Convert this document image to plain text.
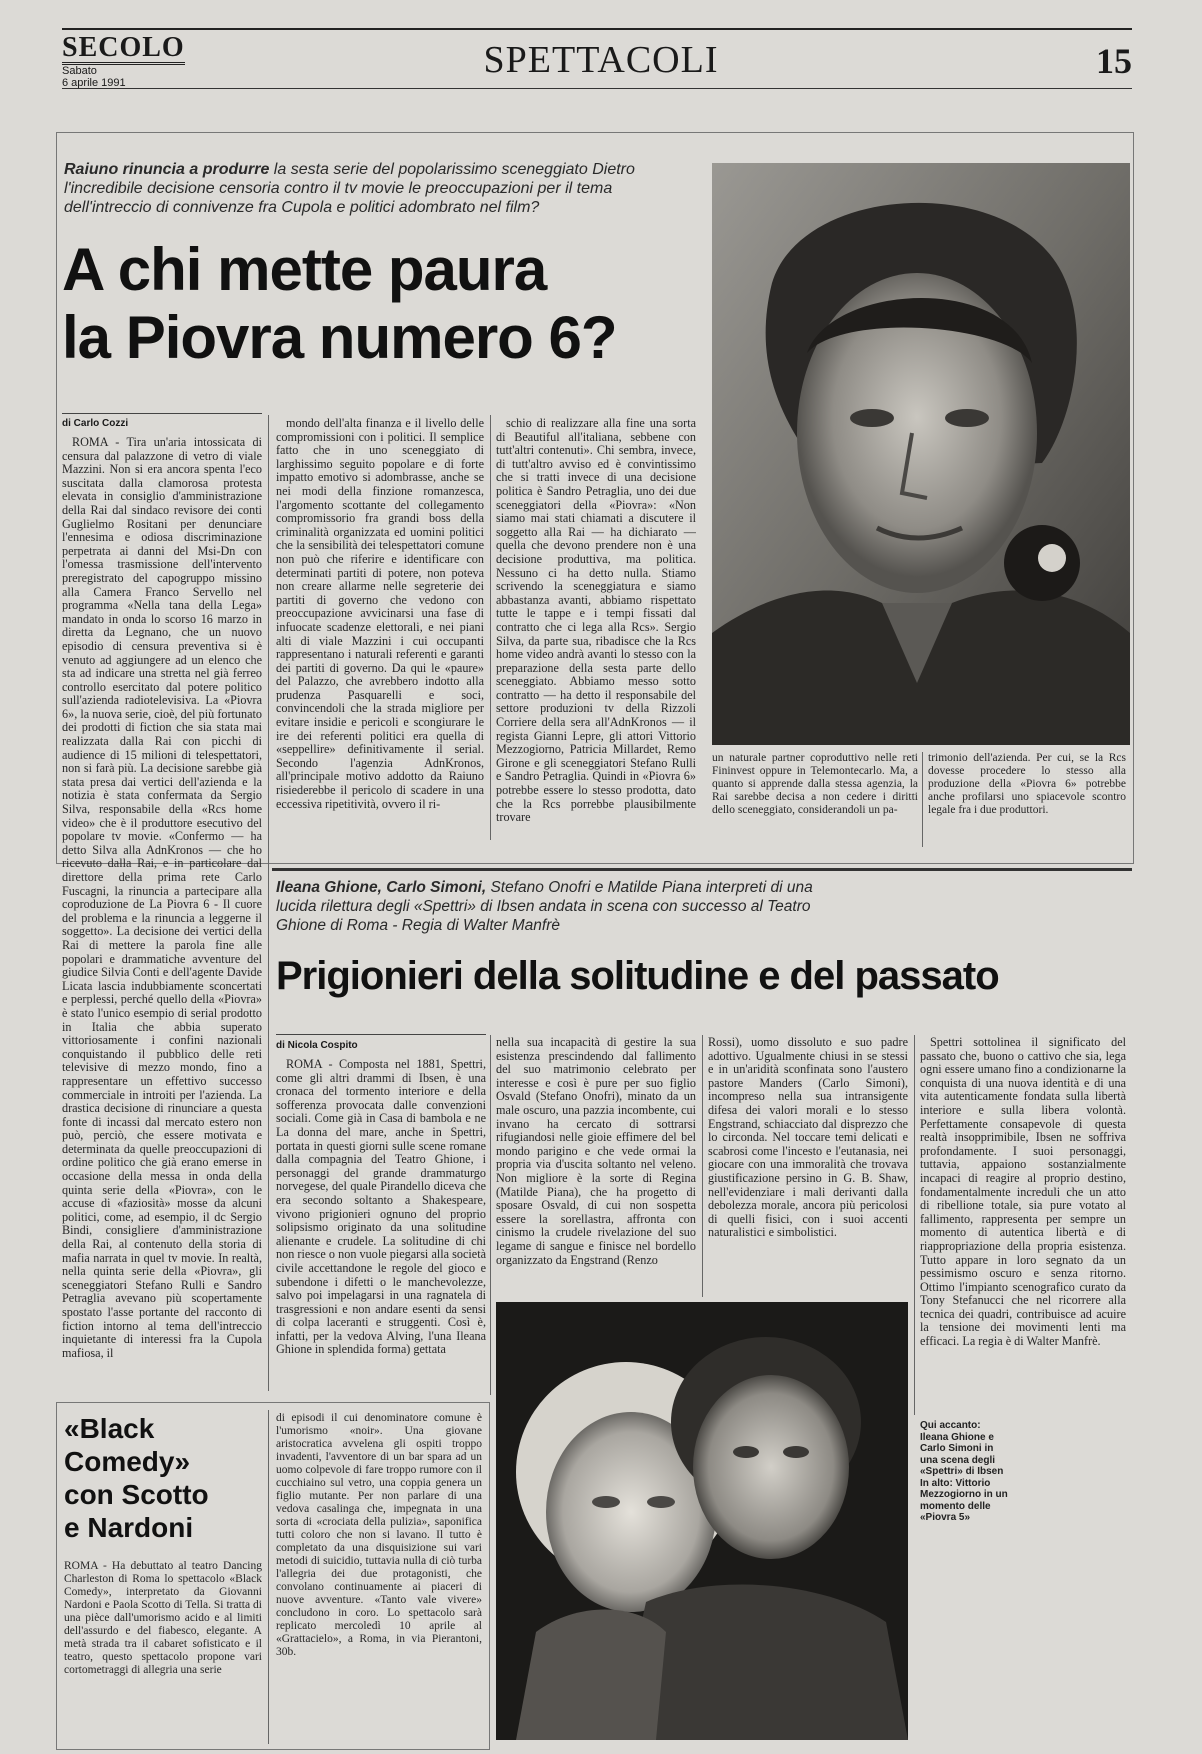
SECOLO
Sabato
6 aprile 1991
SPETTACOLI	15
Raiuno rinuncia a produrre la sesta serie del popolarissimo sceneggiato Dietro l'incredibile decisione censoria contro il tv movie le preoccupazioni per il tema dell'intreccio di connivenze fra Cupola e politici adombrato nel film?
A chi mette paura
la Piovra numero 6?
di Carlo Cozzi

ROMA - Tira un'aria intossicata di censura dal palazzone di vetro di viale Mazzini. Non si era ancora spenta l'eco suscitata dalla clamorosa protesta elevata in consiglio d'amministrazione della Rai dal sindaco revisore dei conti Guglielmo Rositani per denunciare l'ennesima e odiosa discriminazione perpetrata ai danni del Msi-Dn con l'omessa trasmissione dell'intervento preregistrato del capogruppo missino alla Camera Franco Servello nel programma «Nella tana della Lega» mandato in onda lo scorso 16 marzo in diretta da Legnano, che un nuovo episodio di censura preventiva si è venuto ad aggiungere ad un elenco che sta ad indicare una stretta nel già ferreo controllo esercitato dal potere politico sull'azienda radiotelevisiva. La «Piovra 6», la nuova serie, cioè, del più fortunato dei prodotti di fiction che sia stata mai realizzata dalla Rai con picchi di audience di 15 milioni di telespettatori, non si farà più. La decisione sarebbe già stata presa dai vertici dell'azienda e la notizia è stata confermata da Sergio Silva, responsabile della «Rcs home video» che è il produttore esecutivo del popolare tv movie. «Confermo — ha detto Silva alla AdnKronos — che ho ricevuto dalla Rai, e in particolare dal direttore della prima rete Carlo Fuscagni, la rinuncia a partecipare alla coproduzione de La Piovra 6 - Il cuore del problema e la rinuncia a leggerne il soggetto». La decisione dei vertici della Rai di mettere la parola fine alle popolari e drammatiche avventure del giudice Silvia Conti e dell'agente Davide Licata lascia indubbiamente sconcertati e perplessi, perché quello della «Piovra» è stato l'unico esempio di serial prodotto in Italia che abbia superato vittoriosamente i confini nazionali conquistando il pubblico delle reti televisive di mezzo mondo, fino a rappresentare un effettivo successo commerciale in introiti per l'azienda. La drastica decisione di rinunciare a questa fonte di incassi dal mercato estero non può, perciò, che essere motivata e determinata da quelle preoccupazioni di ordine politico che già erano emerse in occasione della messa in onda della quinta serie della «Piovra», con le accuse di «faziosità» mosse da alcuni politici, come, ad esempio, il dc Sergio Bindi, consigliere d'amministrazione della Rai, al contenuto della storia di mafia narrata in quel tv movie. In realtà, nella quinta serie della «Piovra», gli sceneggiatori Stefano Rulli e Sandro Petraglia avevano più scopertamente spostato l'asse portante del racconto di fiction intorno al tema dell'intreccio inquietante di interessi fra la Cupola mafiosa, il

mondo dell'alta finanza e il livello delle compromissioni con i politici. Il semplice fatto che in uno sceneggiato di larghissimo seguito popolare e di forte impatto emotivo si adombrasse, anche se nei modi della finzione romanzesca, l'argomento scottante del collegamento compromissorio fra grandi boss della criminalità organizzata ed uomini politici che la sensibilità dei telespettatori comune non può che riferire e identificare con determinati partiti di potere, non poteva non creare allarme nelle segreterie dei partiti di governo che vedono con preoccupazione avvicinarsi una fase di infuocate scadenze elettorali, e nei piani alti di viale Mazzini i cui occupanti rappresentano i naturali referenti e garanti dei partiti di governo. Da qui le «paure» del Palazzo, che avrebbero indotto alla prudenza Pasquarelli e soci, convincendoli che la strada migliore per evitare insidie e pericoli e scongiurare le ire dei referenti politici era quella di «seppellire» definitivamente il serial. Secondo l'agenzia AdnKronos, all'principale motivo addotto da Raiuno risiederebbe il pericolo di scadere in una eccessiva ripetitività, ovvero il ri-

schio di realizzare alla fine una sorta di Beautiful all'italiana, sebbene con tutt'altri contenuti». Chi sembra, invece, di tutt'altro avviso ed è convintissimo che si tratti invece di una decisione politica è Sandro Petraglia, uno dei due sceneggiatori della «Piovra»: «Non siamo mai stati chiamati a discutere il soggetto alla Rai — ha dichiarato — quella che devono prendere non è una decisione produttiva, ma politica. Nessuno ci ha detto nulla. Stiamo scrivendo la sceneggiatura e siamo abbastanza avanti, abbiamo rispettato tutte le tappe e i tempi fissati dal contratto che ci lega alla Rcs». Sergio Silva, da parte sua, ribadisce che la Rcs home video andrà avanti lo stesso con la preparazione della sesta parte dello sceneggiato. Abbiamo messo sotto contratto — ha detto il responsabile del settore produzioni tv della Rizzoli Corriere della sera all'AdnKronos — il regista Gianni Lepre, gli attori Vittorio Mezzogiorno, Patricia Millardet, Remo Girone e gli sceneggiatori Stefano Rulli e Sandro Petraglia. Quindi in «Piovra 6» potrebbe essere lo stesso prodotta, dato che la Rcs porrebbe plausibilmente trovare

un naturale partner coproduttivo nelle reti Fininvest oppure in Telemontecarlo. Ma, a quanto si apprende dalla stessa agenzia, la Rai sarebbe decisa a non cedere i diritti dello sceneggiato, considerandoli un pa-

trimonio dell'azienda. Per cui, se la Rcs dovesse procedere lo stesso alla produzione della «Piovra 6» potrebbe anche profilarsi uno spiacevole scontro legale fra i due produttori.

Ileana Ghione, Carlo Simoni, Stefano Onofri e Matilde Piana interpreti di una lucida rilettura degli «Spettri» di Ibsen andata in scena con successo al Teatro Ghione di Roma - Regia di Walter Manfrè
Prigionieri della solitudine e del passato
di Nicola Cospito

ROMA - Composta nel 1881, Spettri, come gli altri drammi di Ibsen, è una cronaca del tormento interiore e della sofferenza provocata dalle convenzioni sociali. Come già in Casa di bambola e ne La donna del mare, anche in Spettri, portata in questi giorni sulle scene romane dalla compagnia del Teatro Ghione, i personaggi del grande drammaturgo norvegese, del quale Pirandello diceva che era secondo soltanto a Shakespeare, vivono prigionieri ognuno del proprio solipsismo originato da una solitudine alienante e crudele. La solitudine di chi non riesce o non vuole piegarsi alla società civile accettandone le regole del gioco e subendone i difetti o le manchevolezze, salvo poi impelagarsi in una ragnatela di trasgressioni e non andare esenti da sensi di colpa laceranti e struggenti. Così è, infatti, per la vedova Alving, l'una Ileana Ghione in splendida forma) gettata

nella sua incapacità di gestire la sua esistenza prescindendo dal fallimento del suo matrimonio celebrato per interesse e così è pure per suo figlio Osvald (Stefano Onofri), minato da un male oscuro, una pazzia incombente, cui invano ha cercato di sottrarsi rifugiandosi nelle gioie effimere del bel mondo parigino e che vede ormai la propria via d'uscita soltanto nel veleno. Non migliore è la sorte di Regina (Matilde Piana), che ha progetto di sposare Osvald, di cui non sospetta essere la sorellastra, affronta con cinismo la crudele rivelazione del suo legame di sangue e finisce nel bordello organizzato da Engstrand (Renzo

Rossi), uomo dissoluto e suo padre adottivo. Ugualmente chiusi in se stessi e in un'aridità sconfinata sono l'austero pastore Manders (Carlo Simoni), incompreso nella sua intransigente difesa dei valori morali e lo stesso Engstrand, schiacciato dal disprezzo che lo circonda. Nel toccare temi delicati e scabrosi come l'incesto e l'eutanasia, nei giocare con una immoralità che trovava giustificazione persino in G. B. Shaw, nell'evidenziare i mali derivanti dalla debolezza morale, ancora più pericolosi di quelli fisici, con i suoi accenti naturalistici e simbolistici.

Spettri sottolinea il significato del passato che, buono o cattivo che sia, lega ogni essere umano fino a condizionarne la conquista di una nuova identità e di una vita autenticamente fondata sulla libertà interiore e sulla libera volontà. Perfettamente consapevole di questa realtà insopprimibile, Ibsen ne soffriva profondamente. I suoi personaggi, tuttavia, appaiono sostanzialmente incapaci di reagire al proprio destino, fondamentalmente increduli che un atto di ribellione totale, sia pure votato al fallimento, rappresenta per sempre un momento di autentica libertà e di riappropriazione della propria esistenza. Tutto appare in loro segnato da un pessimismo oscuro e senza ritorno. Ottimo l'impianto scenografico curato da Tony Stefanucci che nel ricorrere alla tecnica dei quadri, contribuisce ad acuire la tensione dei movimenti lenti ma efficaci. La regia è di Walter Manfrè.

Qui accanto: Ileana Ghione e Carlo Simoni in una scena degli «Spettri» di Ibsen In alto: Vittorio Mezzogiorno in un momento delle «Piovra 5»
«Black
Comedy»
con Scotto
e Nardoni

ROMA - Ha debuttato al teatro Dancing Charleston di Roma lo spettacolo «Black Comedy», interpretato da Giovanni Nardoni e Paola Scotto di Tella. Si tratta di una pièce dall'umorismo acido e al limiti dell'assurdo e del fiabesco, elegante. A metà strada tra il cabaret sofisticato e il teatro, questo spettacolo propone vari cortometraggi di allegria una serie

di episodi il cui denominatore comune è l'umorismo «noir». Una giovane aristocratica avvelena gli ospiti troppo invadenti, l'avventore di un bar spara ad un uomo colpevole di fare troppo rumore con il cucchiaino sul vetro, una coppia genera un figlio mutante. Per non parlare di una vedova casalinga che, impegnata in una sorta di «crociata della pulizia», saponifica tutti coloro che non si lavano. Il tutto è completato da una disquisizione sui vari metodi di suicidio, tuttavia nulla di ciò turba l'allegria dei due protagonisti, che convolano continuamente ai piaceri di nuove avventure. «Tanto vale vivere» concludono in coro. Lo spettacolo sarà replicato mercoledì 10 aprile al «Grattacielo», a Roma, in via Pierantoni, 30b.
